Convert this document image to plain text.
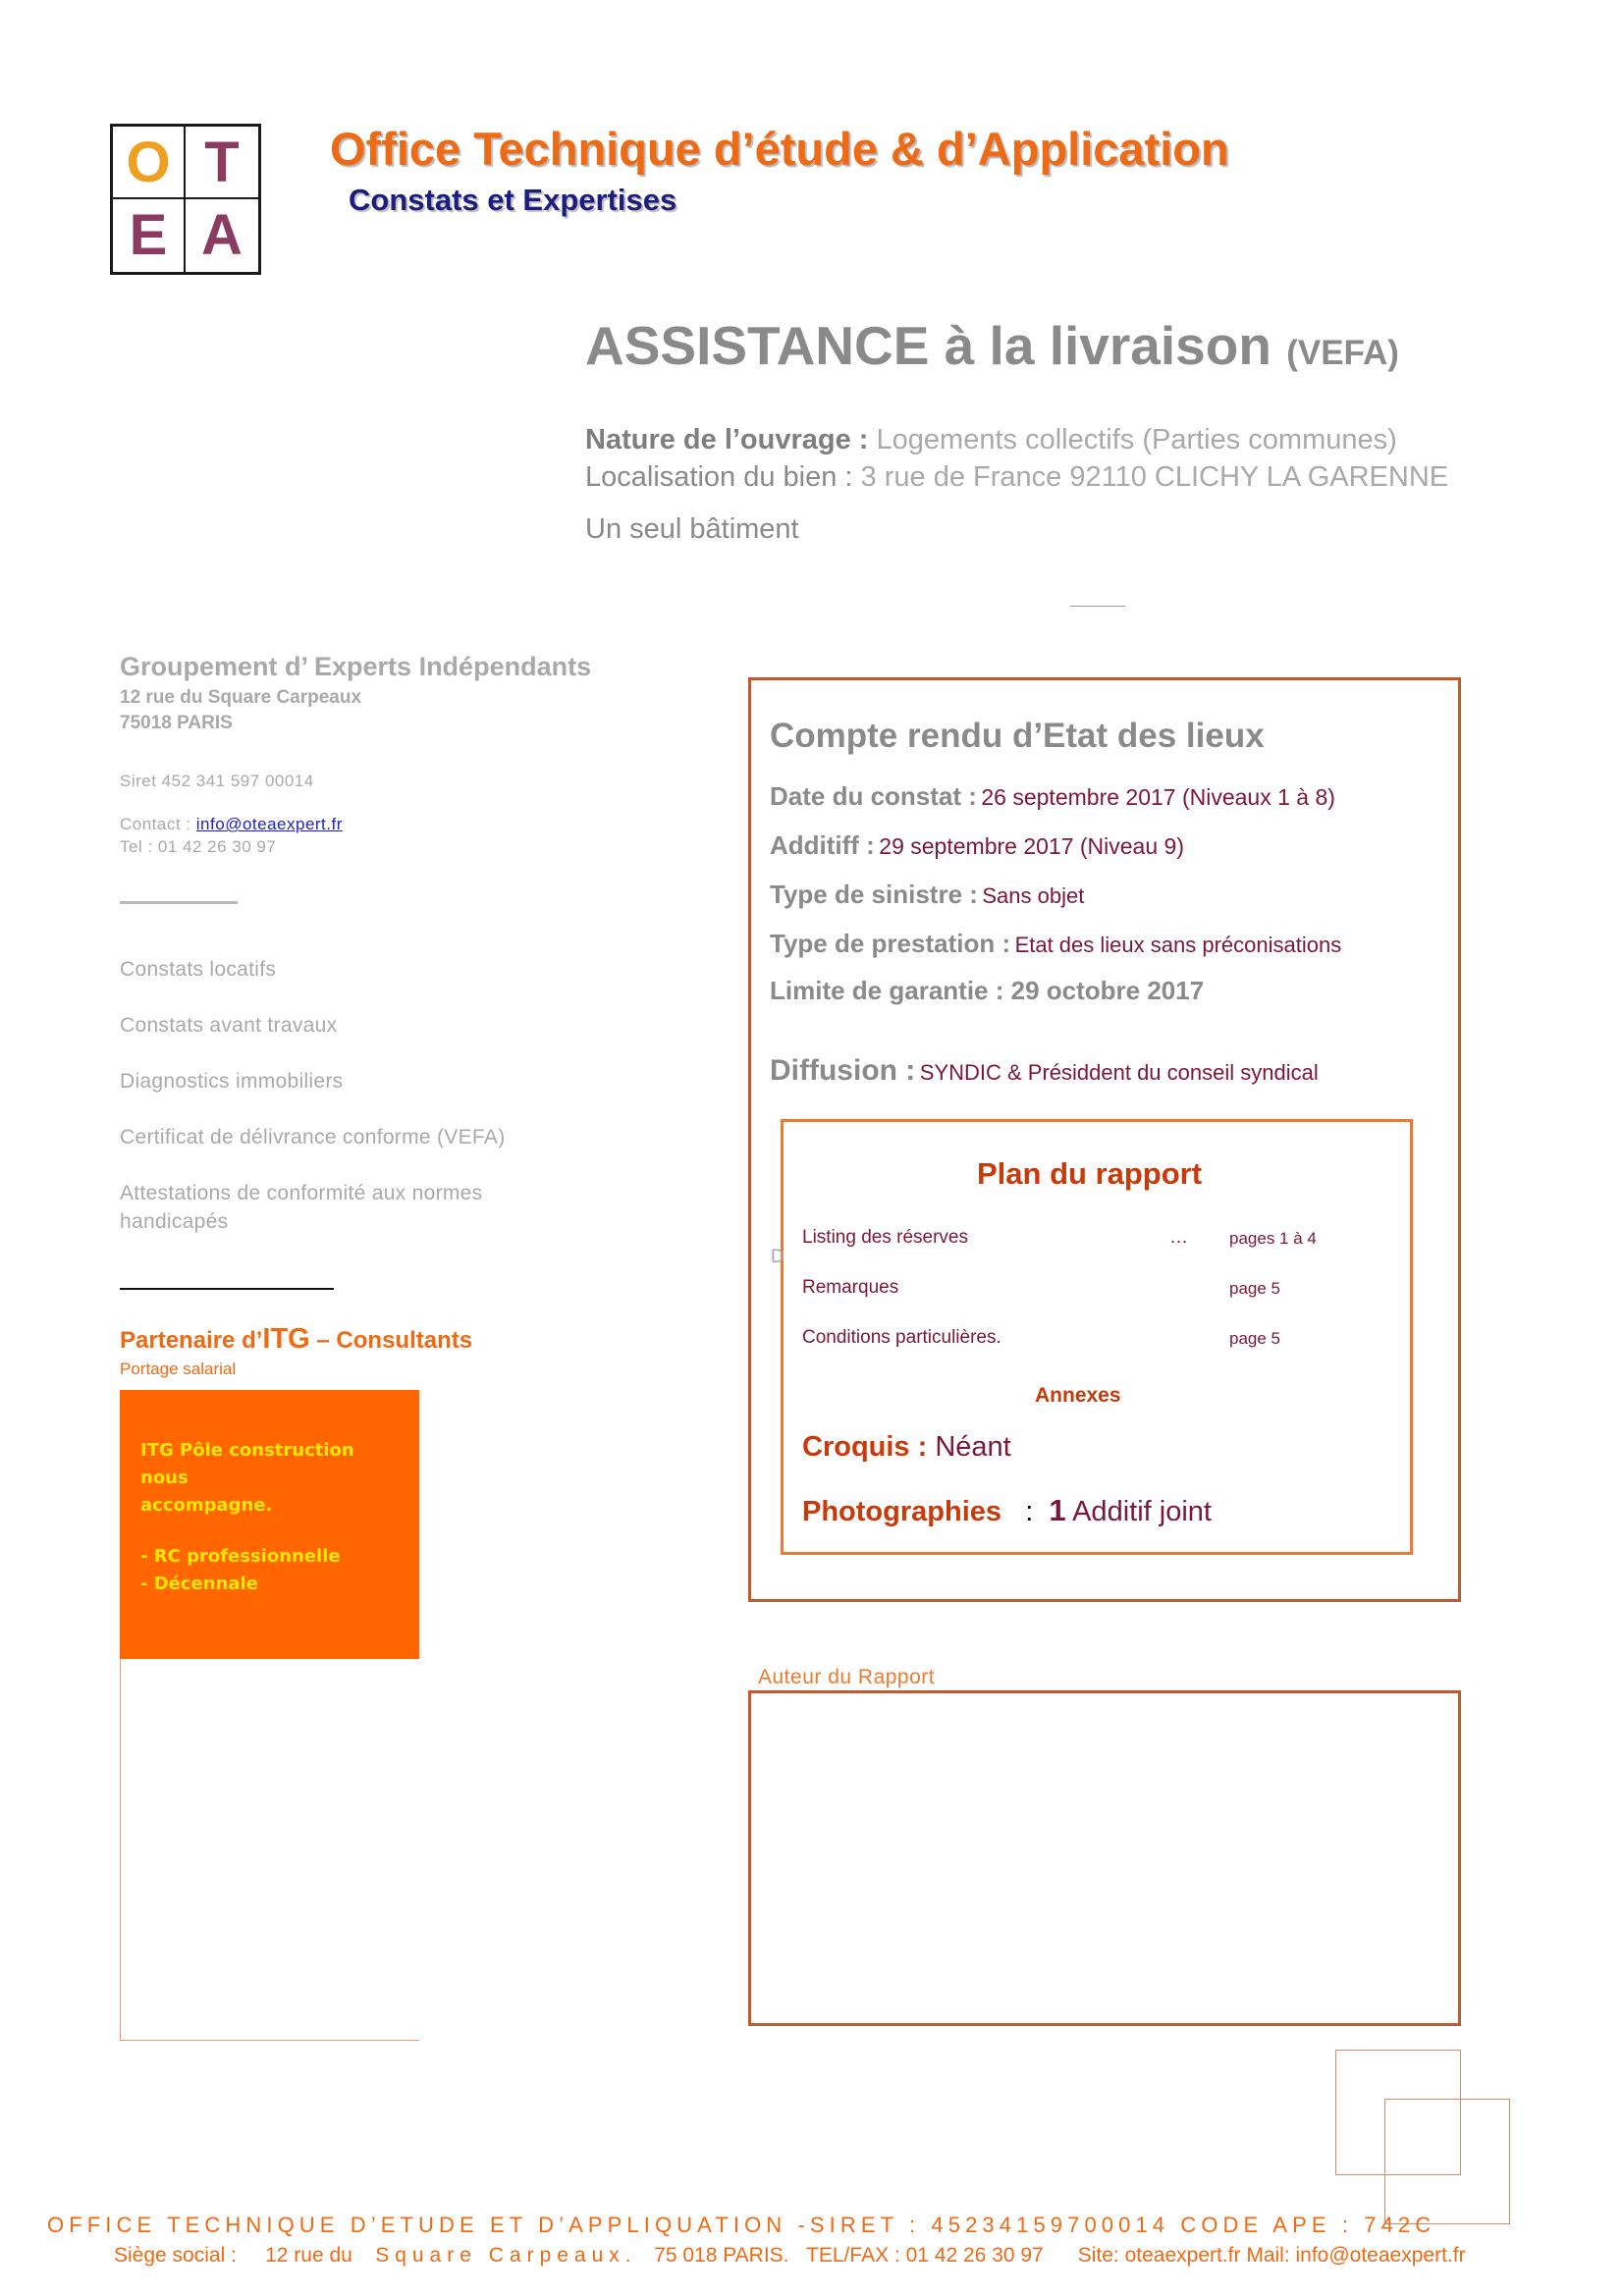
O T
E A
Office Technique d’étude & d’Application
Constats et Expertises
ASSISTANCE à la livraison (VEFA)
Nature de l’ouvrage : Logements collectifs (Parties communes)
Localisation du bien : 3 rue de France 92110 CLICHY LA GARENNE
Un seul bâtiment
Groupement d’ Experts Indépendants
12 rue du Square Carpeaux
75018 PARIS
Siret 452 341 597 00014
Contact : info@oteaexpert.fr
Tel : 01 42 26 30 97
Constats locatifs
Constats avant travaux
Diagnostics immobiliers
Certificat de délivrance conforme (VEFA)
Attestations de conformité aux normes handicapés
Partenaire d’ITG – Consultants
Portage salarial
ITG Pôle construction nous
accompagne.
- RC professionnelle
- Décennale
Compte rendu d’Etat des lieux
Date du constat : 26 septembre 2017 (Niveaux 1 à 8)
Additiff : 29 septembre 2017 (Niveau 9)
Type de sinistre : Sans objet
Type de prestation : Etat des lieux sans préconisations
Limite de garantie : 29 octobre 2017
Diffusion : SYNDIC & Présiddent du conseil syndical
Plan du rapport
D
Listing des réserves	… pages 1 à 4
Remarques	page 5
Conditions particulières.	page 5
Annexes
Croquis : Néant
Photographies : 1 Additif joint
Auteur du Rapport
OFFICE TECHNIQUE D’ETUDE ET D’APPLIQUATION -SIRET : 45234159700014 CODE APE : 742C
Siège social : 12 rue du Square Carpeaux. 75 018 PARIS. TEL/FAX : 01 42 26 30 97 Site: oteaexpert.fr Mail: info@oteaexpert.fr
